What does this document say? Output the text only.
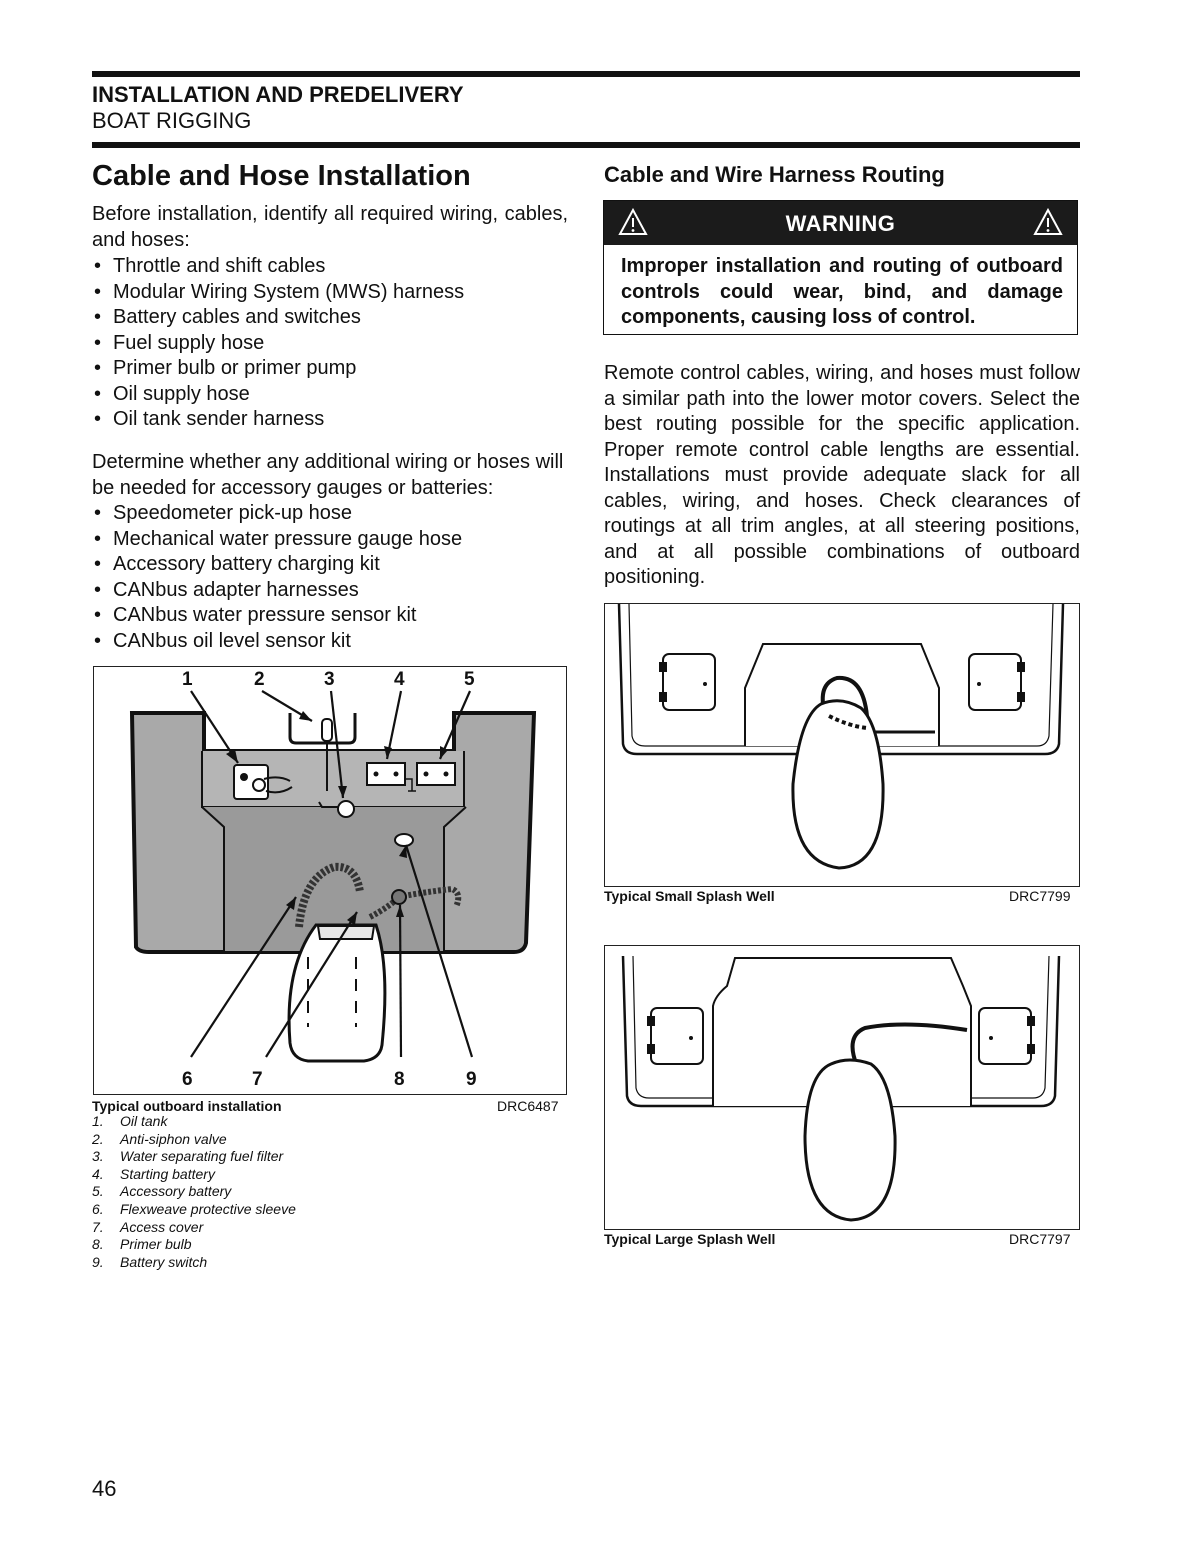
INSTALLATION AND PREDELIVERY
BOAT RIGGING
Cable and Hose Installation

Before installation, identify all required wiring, cables, and hoses:

• Throttle and shift cables
• Modular Wiring System (MWS) harness
• Battery cables and switches
• Fuel supply hose
• Primer bulb or primer pump
• Oil supply hose
• Oil tank sender harness

Determine whether any additional wiring or hoses will be needed for accessory gauges or batteries:

• Speedometer pick-up hose
• Mechanical water pressure gauge hose
• Accessory battery charging kit
• CANbus adapter harnesses
• CANbus water pressure sensor kit
• CANbus oil level sensor kit
1	2	3	4	5
6	7	8	9
Typical outboard installation	DRC6487
1. Oil tank
2. Anti-siphon valve
3. Water separating fuel filter
4. Starting battery
5. Accessory battery
6. Flexweave protective sleeve
7. Access cover
8. Primer bulb
9. Battery switch
Cable and Wire Harness Routing
WARNING
Improper installation and routing of outboard controls could wear, bind, and damage components, causing loss of control.

Remote control cables, wiring, and hoses must follow a similar path into the lower motor covers. Select the best routing possible for the specific application. Proper remote control cable lengths are essential. Installations must provide adequate slack for all cables, wiring, and hoses. Check clearances of routings at all trim angles, at all steering positions, and at all possible combinations of outboard positioning.

Typical Small Splash Well	DRC7799
Typical Large Splash Well	DRC7797
46
